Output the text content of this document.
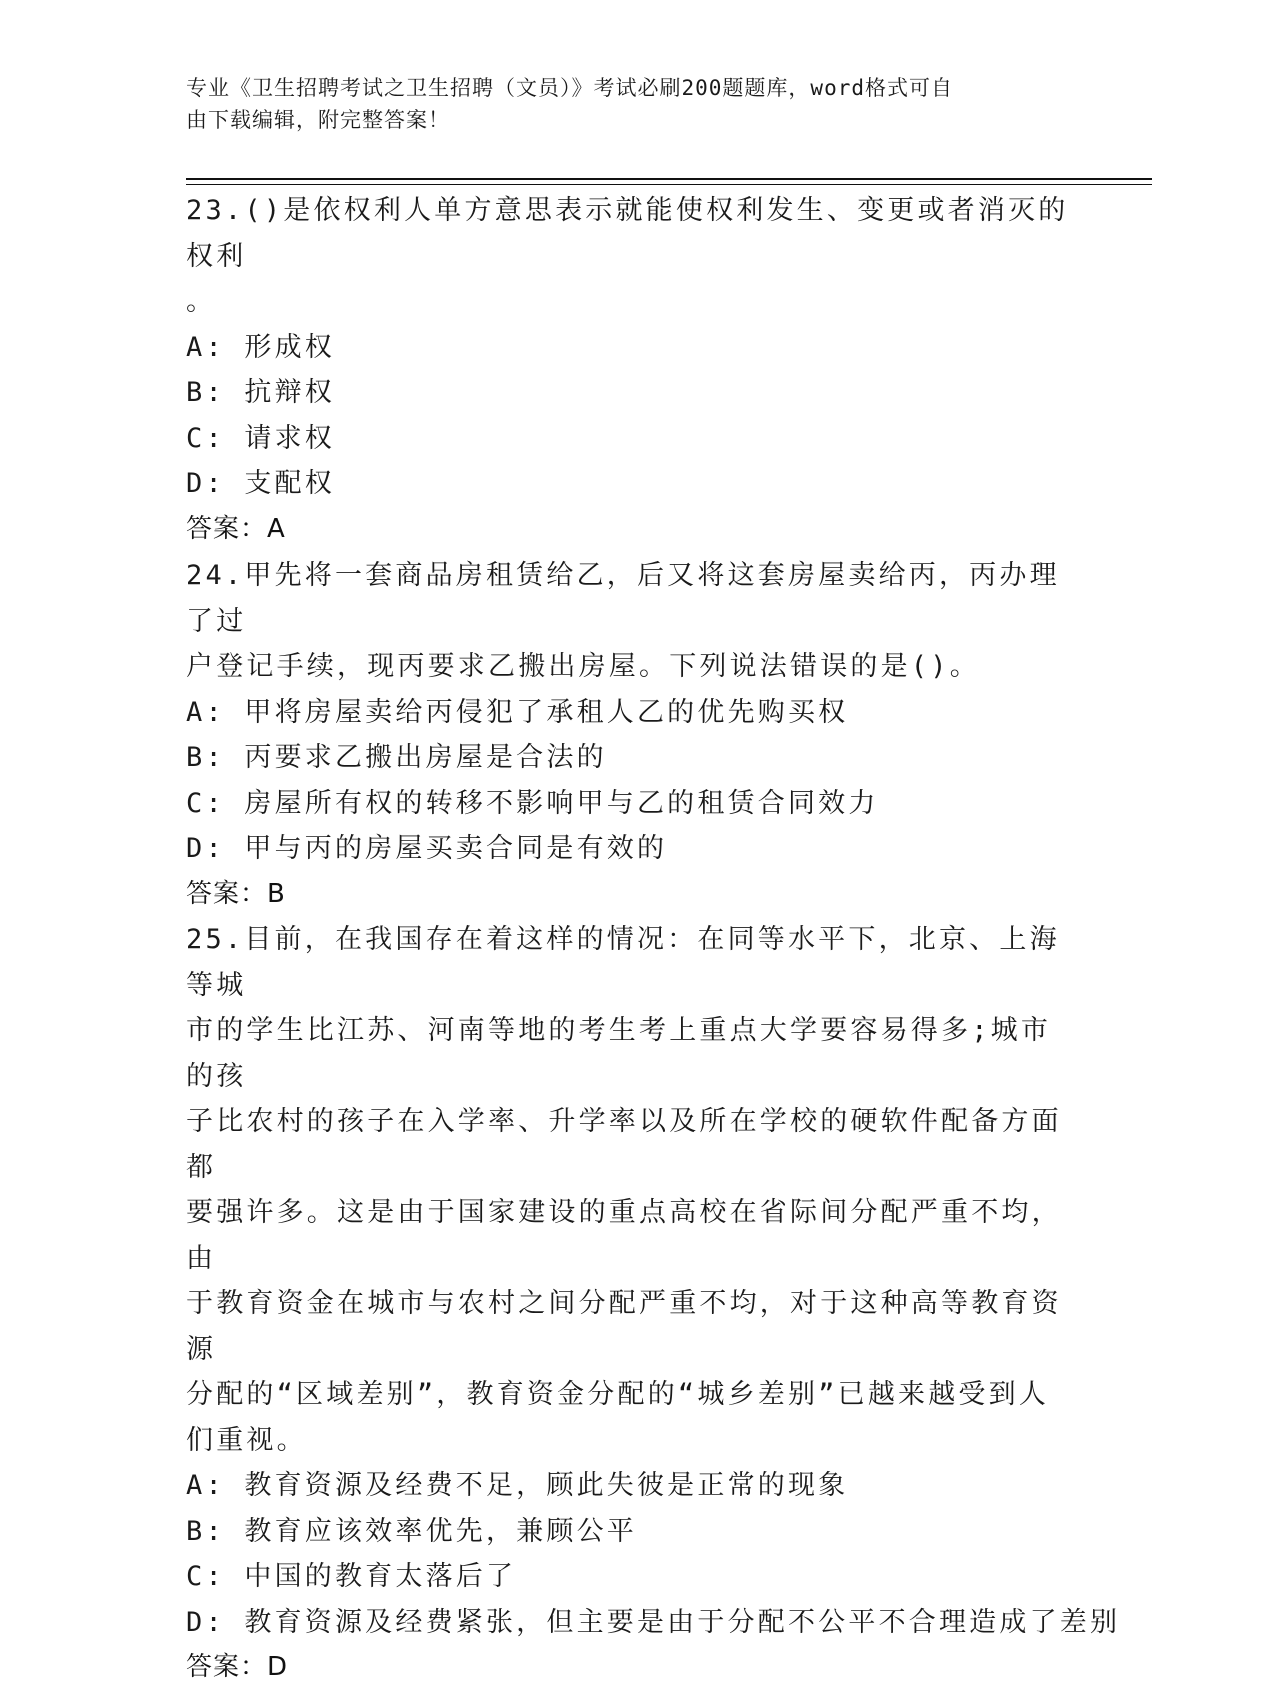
专业《卫生招聘考试之卫生招聘（文员）》考试必刷200题题库，word格式可自
由下载编辑，附完整答案！

23.()是依权利人单方意思表示就能使权利发生、变更或者消灭的权利

。

A: 形成权

B: 抗辩权

C: 请求权

D: 支配权

答案：A

24.甲先将一套商品房租赁给乙，后又将这套房屋卖给丙，丙办理了过

户登记手续，现丙要求乙搬出房屋。下列说法错误的是()。

A: 甲将房屋卖给丙侵犯了承租人乙的优先购买权

B: 丙要求乙搬出房屋是合法的

C: 房屋所有权的转移不影响甲与乙的租赁合同效力

D: 甲与丙的房屋买卖合同是有效的

答案：B

25.目前，在我国存在着这样的情况：在同等水平下，北京、上海等城

市的学生比江苏、河南等地的考生考上重点大学要容易得多;城市的孩

子比农村的孩子在入学率、升学率以及所在学校的硬软件配备方面都

要强许多。这是由于国家建设的重点高校在省际间分配严重不均，由

于教育资金在城市与农村之间分配严重不均，对于这种高等教育资源

分配的“区域差别”，教育资金分配的“城乡差别”已越来越受到人

们重视。

A: 教育资源及经费不足，顾此失彼是正常的现象

B: 教育应该效率优先，兼顾公平

C: 中国的教育太落后了

D: 教育资源及经费紧张，但主要是由于分配不公平不合理造成了差别

答案：D
